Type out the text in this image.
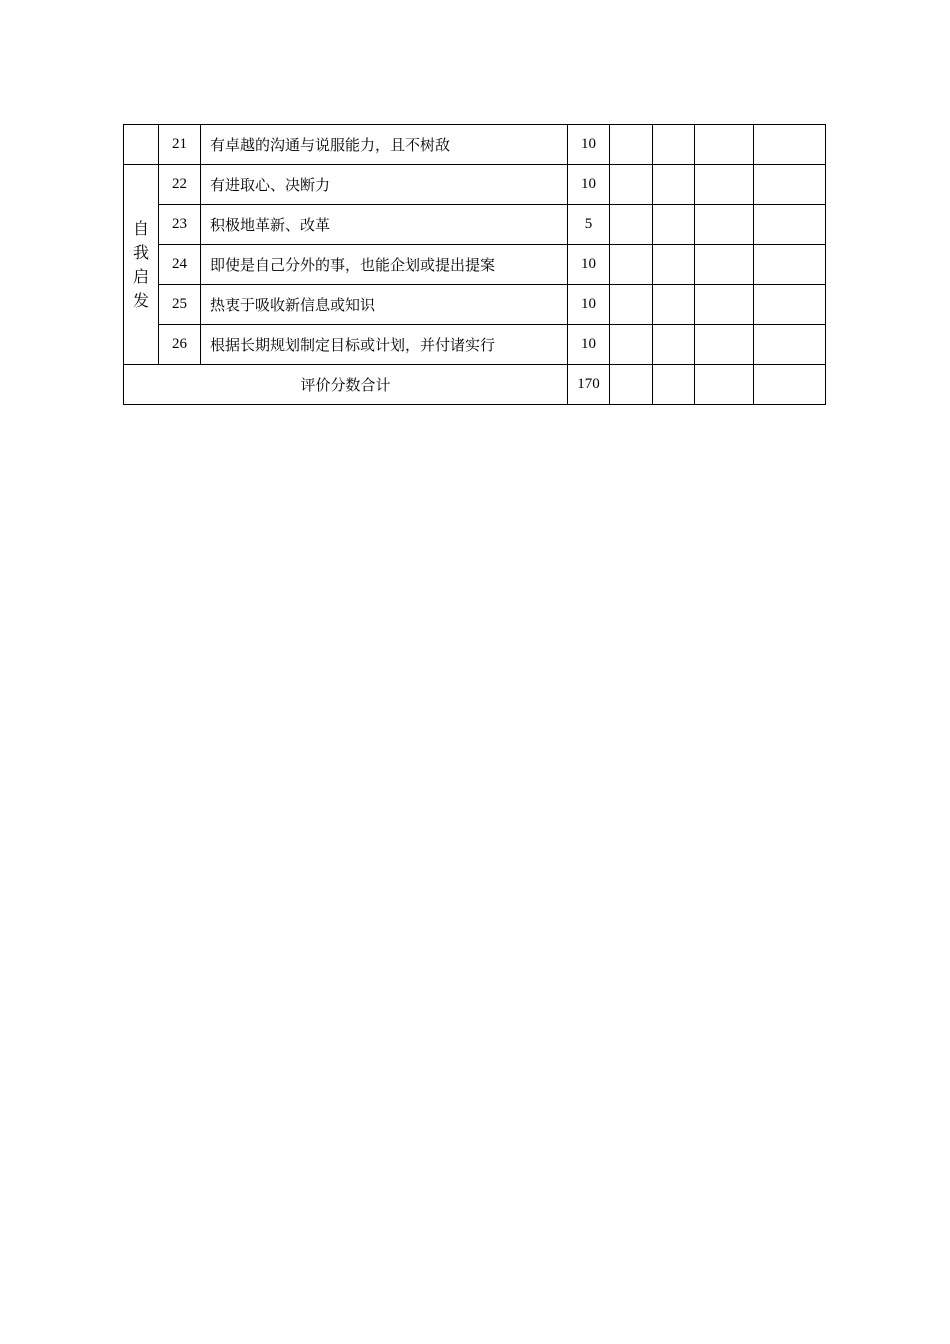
	21	有卓越的沟通与说服能力，且不树敌	10				
自我启发	22	有进取心、决断力	10				
	23	积极地革新、改革	5				
	24	即使是自己分外的事，也能企划或提出提案	10				
	25	热衷于吸收新信息或知识	10				
	26	根据长期规划制定目标或计划，并付诸实行	10				
评价分数合计			170				
